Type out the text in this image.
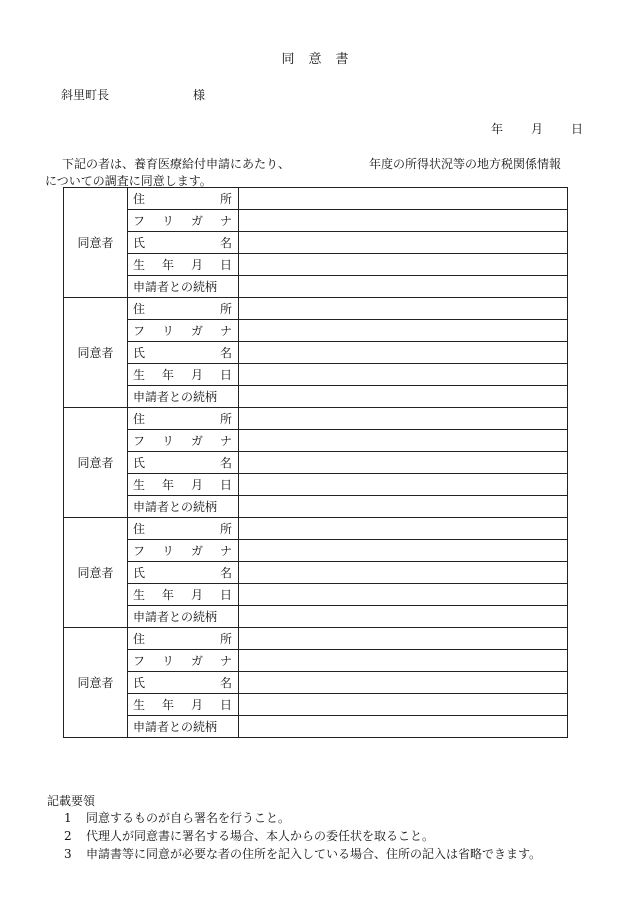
同意書
斜里町長	様
年 月 日
下記の者は、養育医療給付申請にあたり、	年度の所得状況等の地方税関係情報
についての調査に同意します。
同意者	住 所	

	フ リ ガ ナ	

	氏 名	

	生 年 月 日	

	申請者との続柄	

同意者	住 所	

	フ リ ガ ナ	

	氏 名	

	生 年 月 日	

	申請者との続柄	

同意者	住 所	

	フ リ ガ ナ	

	氏 名	

	生 年 月 日	

	申請者との続柄	

同意者	住 所	

	フ リ ガ ナ	

	氏 名	

	生 年 月 日	

	申請者との続柄	

同意者	住 所	

	フ リ ガ ナ	

	氏 名	

	生 年 月 日	

	申請者との続柄	

記載要領
1 同意するものが自ら署名を行うこと。
2 代理人が同意書に署名する場合、本人からの委任状を取ること。
3 申請書等に同意が必要な者の住所を記入している場合、住所の記入は省略できます。
